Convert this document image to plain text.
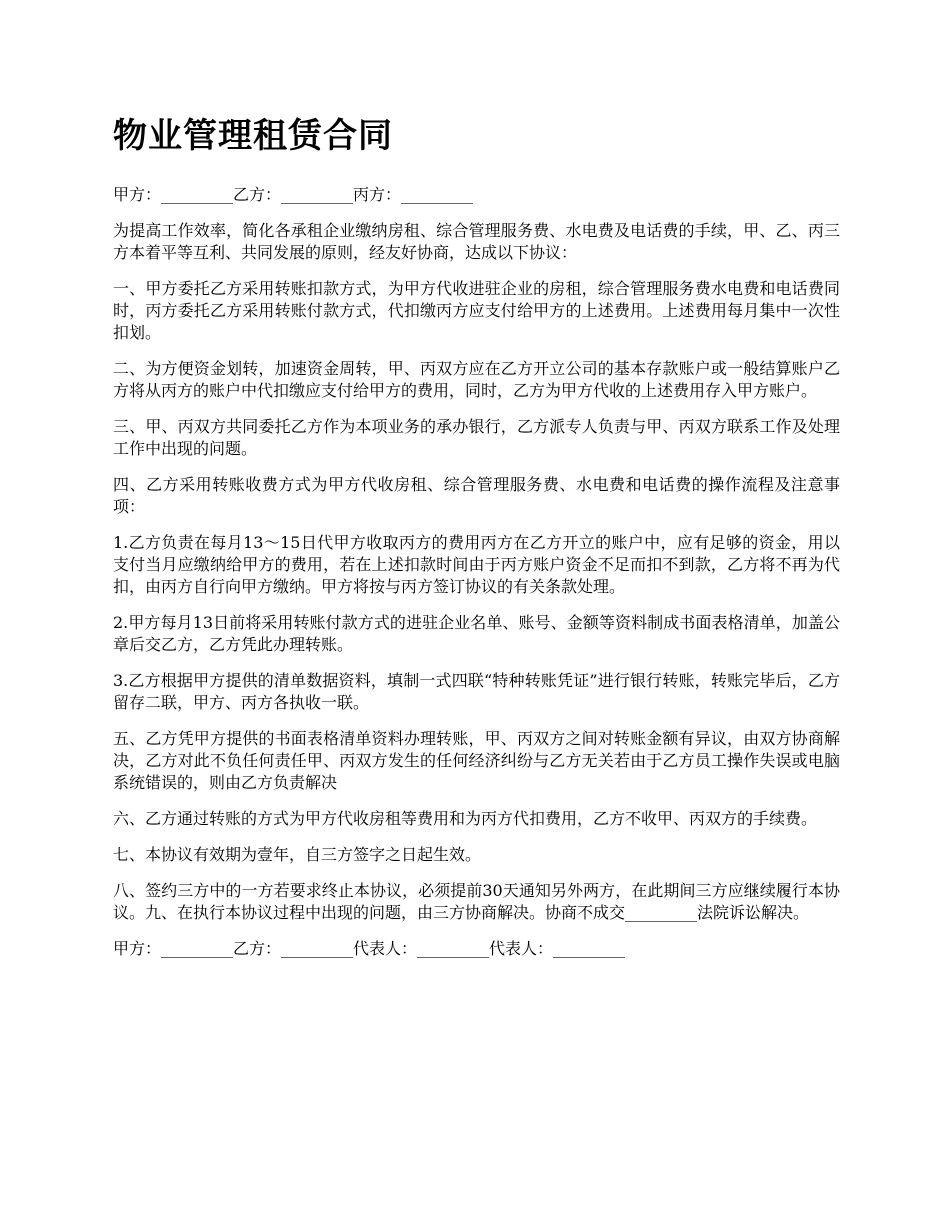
物业管理租赁合同

甲方：_________乙方：_________丙方：_________

为提高工作效率，简化各承租企业缴纳房租、综合管理服务费、水电费及电话费的手续，甲、乙、丙三方本着平等互利、共同发展的原则，经友好协商，达成以下协议：

一、甲方委托乙方采用转账扣款方式，为甲方代收进驻企业的房租，综合管理服务费水电费和电话费同时，丙方委托乙方采用转账付款方式，代扣缴丙方应支付给甲方的上述费用。上述费用每月集中一次性扣划。

二、为方便资金划转，加速资金周转，甲、丙双方应在乙方开立公司的基本存款账户或一般结算账户乙方将从丙方的账户中代扣缴应支付给甲方的费用，同时，乙方为甲方代收的上述费用存入甲方账户。

三、甲、丙双方共同委托乙方作为本项业务的承办银行，乙方派专人负责与甲、丙双方联系工作及处理工作中出现的问题。

四、乙方采用转账收费方式为甲方代收房租、综合管理服务费、水电费和电话费的操作流程及注意事项：

1.乙方负责在每月13～15日代甲方收取丙方的费用丙方在乙方开立的账户中，应有足够的资金，用以支付当月应缴纳给甲方的费用，若在上述扣款时间由于丙方账户资金不足而扣不到款，乙方将不再为代扣，由丙方自行向甲方缴纳。甲方将按与丙方签订协议的有关条款处理。

2.甲方每月13日前将采用转账付款方式的进驻企业名单、账号、金额等资料制成书面表格清单，加盖公章后交乙方，乙方凭此办理转账。

3.乙方根据甲方提供的清单数据资料，填制一式四联“特种转账凭证”进行银行转账，转账完毕后，乙方留存二联，甲方、丙方各执收一联。

五、乙方凭甲方提供的书面表格清单资料办理转账，甲、丙双方之间对转账金额有异议，由双方协商解决，乙方对此不负任何责任甲、丙双方发生的任何经济纠纷与乙方无关若由于乙方员工操作失误或电脑系统错误的，则由乙方负责解决

六、乙方通过转账的方式为甲方代收房租等费用和为丙方代扣费用，乙方不收甲、丙双方的手续费。

七、本协议有效期为壹年，自三方签字之日起生效。

八、签约三方中的一方若要求终止本协议，必须提前30天通知另外两方，在此期间三方应继续履行本协议。九、在执行本协议过程中出现的问题，由三方协商解决。协商不成交_________法院诉讼解决。

甲方：_________乙方：_________代表人：_________代表人：_________
